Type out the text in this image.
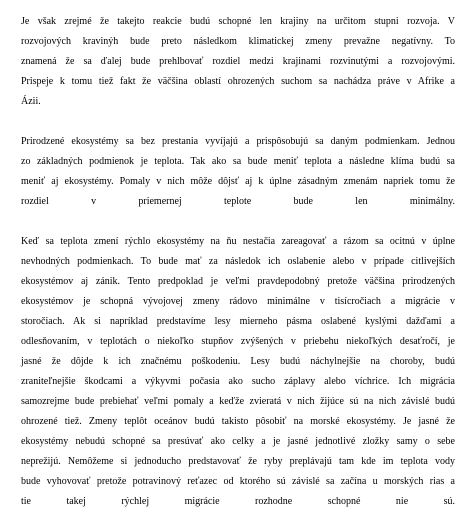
Je však zrejmé že takejto reakcie budú schopné len krajiny na určitom stupni rozvoja. V
rozvojových kravinýh bude preto následkom klimatickej zmeny prevažne negatívny. To
znamená že sa ďalej bude prehlbovať rozdiel medzi krajinami rozvinutými a rozvojovými.
Prispeje k tomu tiež fakt že väčšina oblastí ohrozených suchom sa nachádza práve v Afrike a
Ázii.
Prirodzené ekosystémy sa bez prestania vyvíjajú a prispôsobujú sa daným podmienkam. Jednou
zo základných podmienok je teplota. Tak ako sa bude meniť teplota a následne klíma budú sa
meniť aj ekosystémy. Pomaly v nich môže dôjsť aj k úplne zásadným zmenám napriek tomu že
rozdiel v priemernej teplote bude len minimálny.
Keď sa teplota zmení rýchlo ekosystémy na ňu nestačia zareagovať a rázom sa ocitnú v úplne
nevhodných podmienkach. To bude mať za následok ich oslabenie alebo v prípade citlivejších
ekosystémov aj zánik. Tento predpoklad je veľmi pravdepodobný pretože väčšina prirodzených
ekosystémov je schopná vývojovej zmeny rádovo minimálne v tisícročiach a migrácie v
storočiach. Ak si napríklad predstavíme lesy mierneho pásma oslabené kyslými dažďami a
odlesňovaním, v teplotách o niekoľko stupňov zvýšených v priebehu niekoľkých desaťročí, je
jasné že dôjde k ich značnému poškodeniu. Lesy budú náchylnejšie na choroby, budú
zraniteľnejšie škodcami a výkyvmi počasia ako sucho záplavy alebo víchrice. Ich migrácia
samozrejme bude prebiehať veľmi pomaly a keďže zvieratá v nich žijúce sú na nich závislé budú
ohrozené tiež. Zmeny teplôt oceánov budú takisto pôsobiť na morské ekosystémy. Je jasné že
ekosystémy nebudú schopné sa presúvať ako celky a je jasné jednotlivé zložky samy o sebe
neprežijú. Nemôžeme si jednoducho predstavovať že ryby preplávajú tam kde im teplota vody
bude vyhovovať pretože potravinový reťazec od ktorého sú závislé sa začína u morských rias a
tie takej rýchlej migrácie rozhodne schopné nie sú.
